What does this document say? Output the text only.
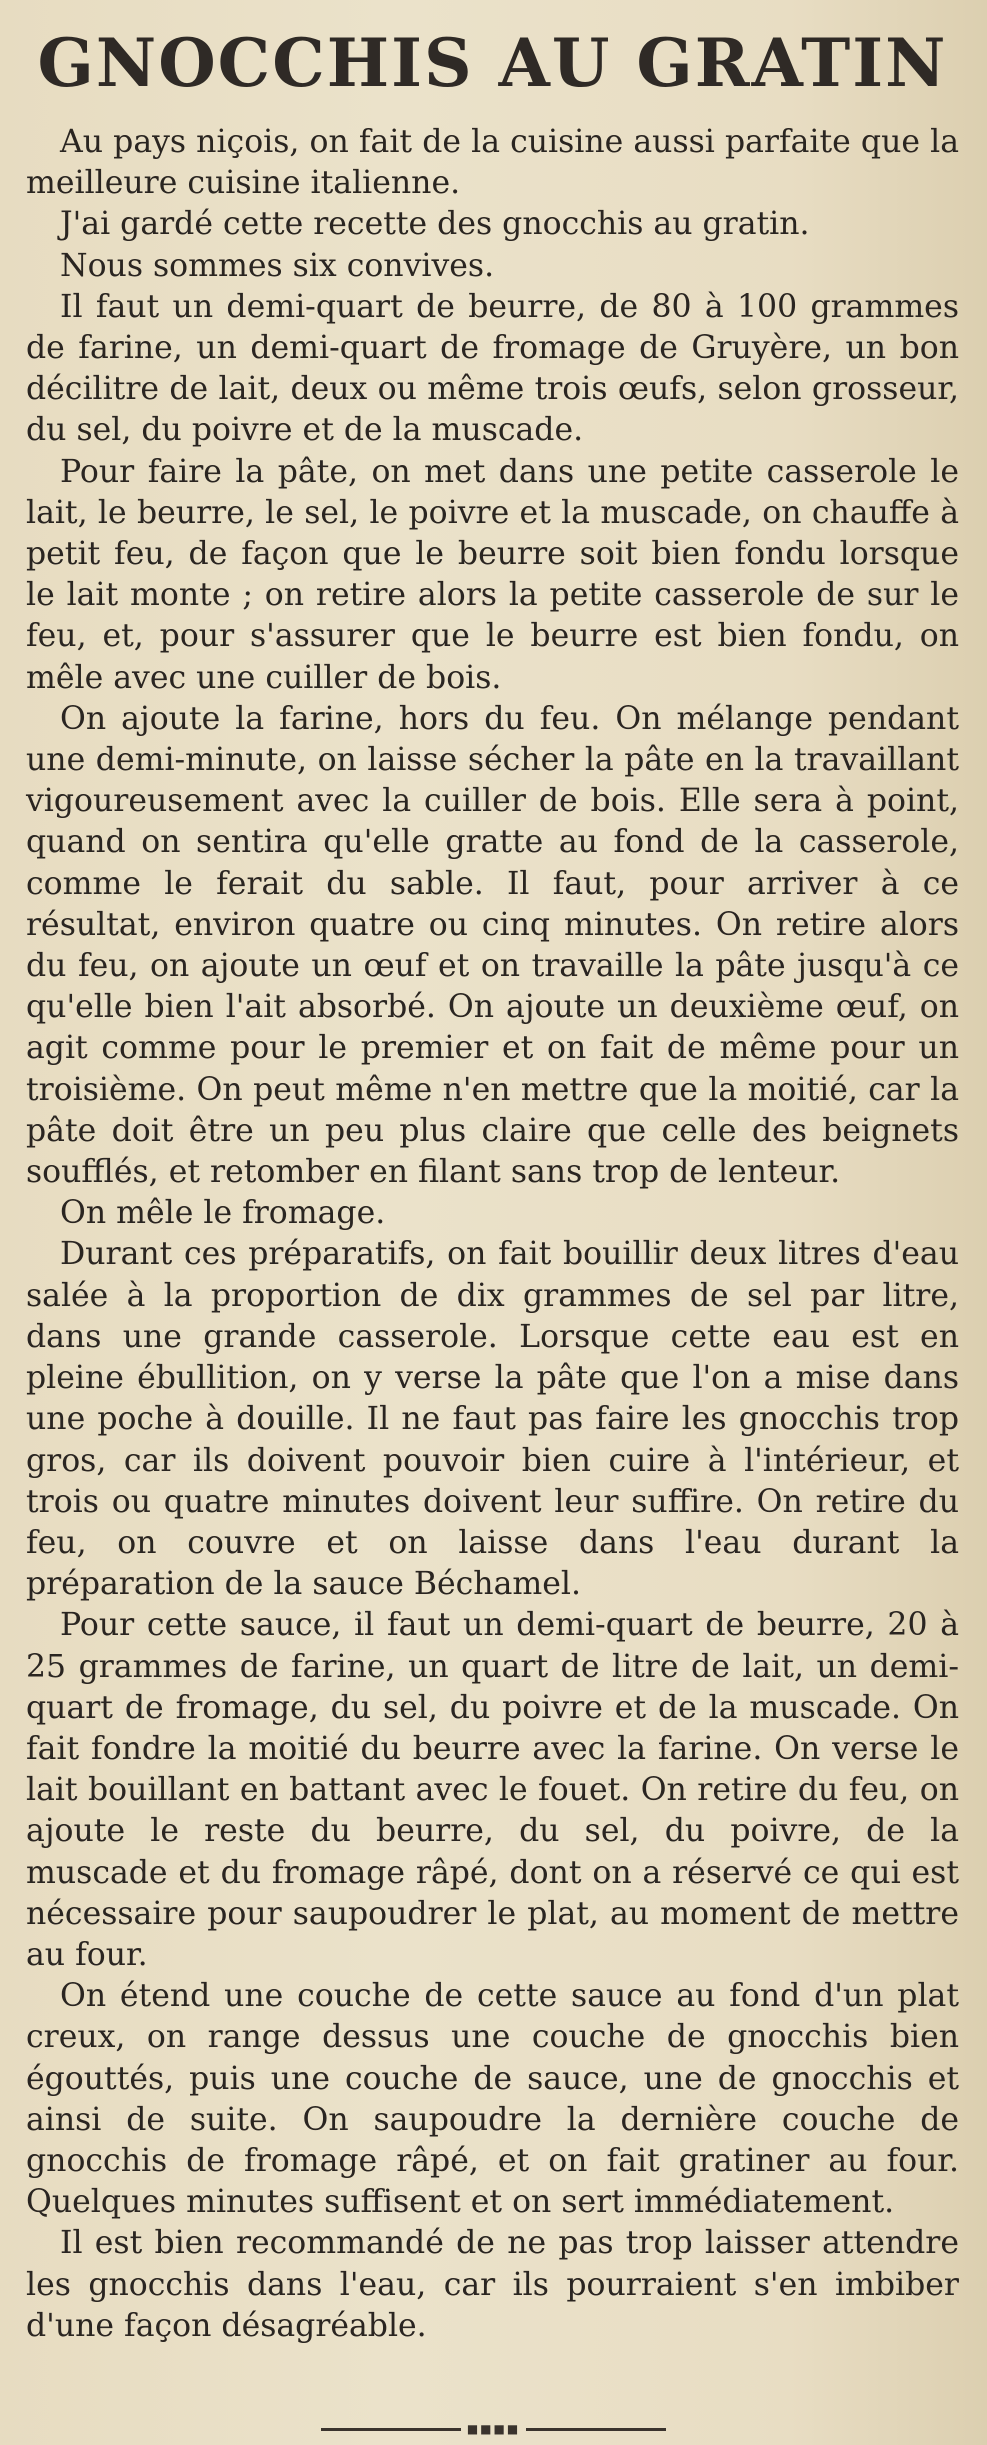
GNOCCHIS AU GRATIN

Au pays niçois, on fait de la cuisine aussi parfaite que la meilleure cuisine italienne.

J'ai gardé cette recette des gnocchis au gratin.

Nous sommes six convives.

Il faut un demi-quart de beurre, de 80 à 100 grammes de farine, un demi-quart de fromage de Gruyère, un bon décilitre de lait, deux ou même trois œufs, selon grosseur, du sel, du poivre et de la muscade.

Pour faire la pâte, on met dans une petite casserole le lait, le beurre, le sel, le poivre et la muscade, on chauffe à petit feu, de façon que le beurre soit bien fondu lorsque le lait monte ; on retire alors la petite casserole de sur le feu, et, pour s'assurer que le beurre est bien fondu, on mêle avec une cuiller de bois.

On ajoute la farine, hors du feu. On mélange pendant une demi-minute, on laisse sécher la pâte en la travaillant vigoureusement avec la cuiller de bois. Elle sera à point, quand on sentira qu'elle gratte au fond de la casserole, comme le ferait du sable. Il faut, pour arriver à ce résultat, environ quatre ou cinq minutes. On retire alors du feu, on ajoute un œuf et on travaille la pâte jusqu'à ce qu'elle bien l'ait absorbé. On ajoute un deuxième œuf, on agit comme pour le premier et on fait de même pour un troisième. On peut même n'en mettre que la moitié, car la pâte doit être un peu plus claire que celle des beignets soufflés, et retomber en filant sans trop de lenteur.

On mêle le fromage.

Durant ces préparatifs, on fait bouillir deux litres d'eau salée à la proportion de dix grammes de sel par litre, dans une grande casserole. Lorsque cette eau est en pleine ébullition, on y verse la pâte que l'on a mise dans une poche à douille. Il ne faut pas faire les gnocchis trop gros, car ils doivent pouvoir bien cuire à l'intérieur, et trois ou quatre minutes doivent leur suffire. On retire du feu, on couvre et on laisse dans l'eau durant la préparation de la sauce Béchamel.

Pour cette sauce, il faut un demi-quart de beurre, 20 à 25 grammes de farine, un quart de litre de lait, un demi-quart de fromage, du sel, du poivre et de la muscade. On fait fondre la moitié du beurre avec la farine. On verse le lait bouillant en battant avec le fouet. On retire du feu, on ajoute le reste du beurre, du sel, du poivre, de la muscade et du fromage râpé, dont on a réservé ce qui est nécessaire pour saupoudrer le plat, au moment de mettre au four.

On étend une couche de cette sauce au fond d'un plat creux, on range dessus une couche de gnocchis bien égouttés, puis une couche de sauce, une de gnocchis et ainsi de suite. On saupoudre la dernière couche de gnocchis de fromage râpé, et on fait gratiner au four. Quelques minutes suffisent et on sert immédiatement.

Il est bien recommandé de ne pas trop laisser attendre les gnocchis dans l'eau, car ils pourraient s'en imbiber d'une façon désagréable.

■■■■
